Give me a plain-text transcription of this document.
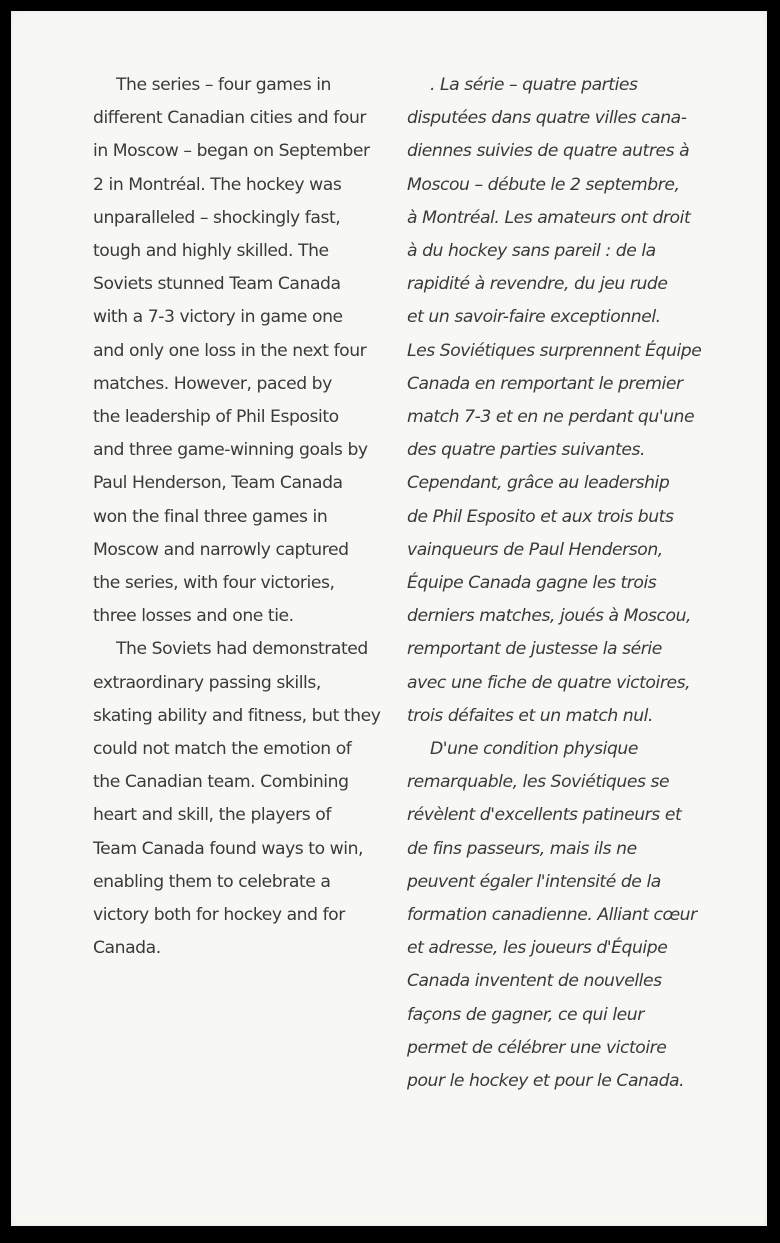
The series – four games in
different Canadian cities and four
in Moscow – began on September
2 in Montréal. The hockey was
unparalleled – shockingly fast,
tough and highly skilled. The
Soviets stunned Team Canada
with a 7-3 victory in game one
and only one loss in the next four
matches. However, paced by
the leadership of Phil Esposito
and three game-winning goals by
Paul Henderson, Team Canada
won the final three games in
Moscow and narrowly captured
the series, with four victories,
three losses and one tie.
The Soviets had demonstrated
extraordinary passing skills,
skating ability and fitness, but they
could not match the emotion of
the Canadian team. Combining
heart and skill, the players of
Team Canada found ways to win,
enabling them to celebrate a
victory both for hockey and for
Canada.
. La série – quatre parties
disputées dans quatre villes cana-
diennes suivies de quatre autres à
Moscou – débute le 2 septembre,
à Montréal. Les amateurs ont droit
à du hockey sans pareil : de la
rapidité à revendre, du jeu rude
et un savoir-faire exceptionnel.
Les Soviétiques surprennent Équipe
Canada en remportant le premier
match 7-3 et en ne perdant qu'une
des quatre parties suivantes.
Cependant, grâce au leadership
de Phil Esposito et aux trois buts
vainqueurs de Paul Henderson,
Équipe Canada gagne les trois
derniers matches, joués à Moscou,
remportant de justesse la série
avec une fiche de quatre victoires,
trois défaites et un match nul.
D'une condition physique
remarquable, les Soviétiques se
révèlent d'excellents patineurs et
de fins passeurs, mais ils ne
peuvent égaler l'intensité de la
formation canadienne. Alliant cœur
et adresse, les joueurs d'Équipe
Canada inventent de nouvelles
façons de gagner, ce qui leur
permet de célébrer une victoire
pour le hockey et pour le Canada.
